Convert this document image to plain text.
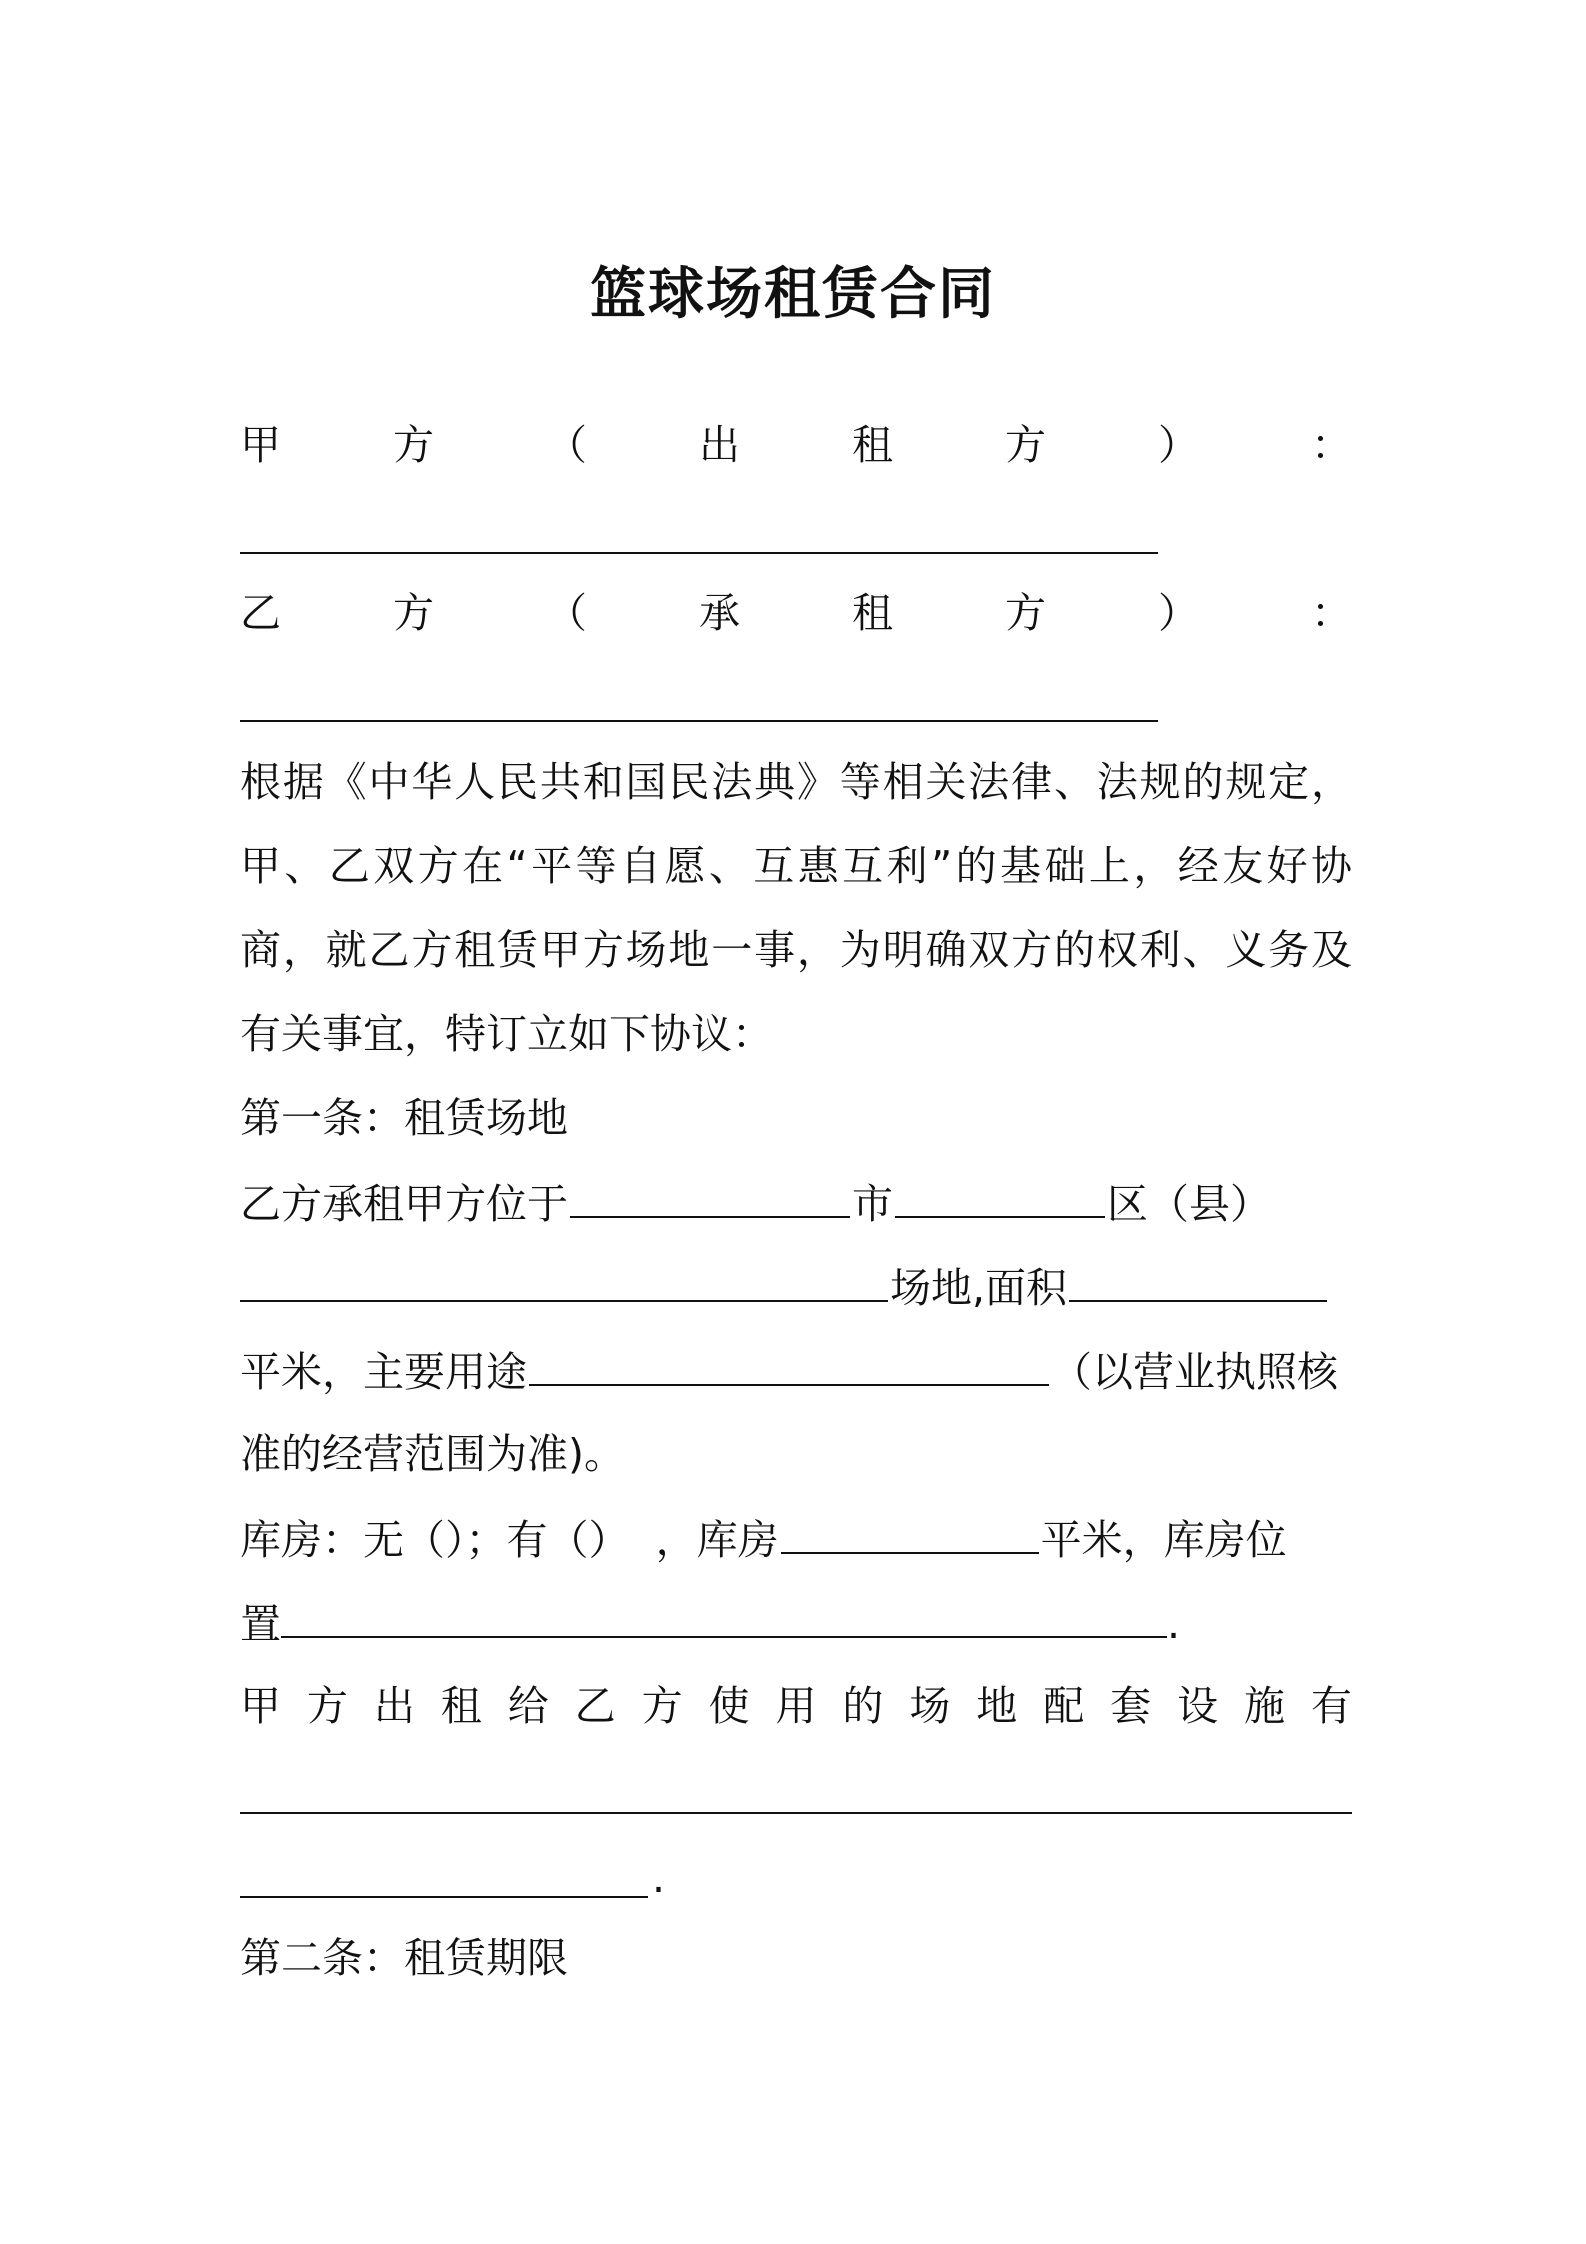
篮球场租赁合同
甲	方	（	出	租	方	）	：
乙	方	（	承	租	方	）	：
根据《中华人民共和国民法典》等相关法律、法规的规定，
甲、乙双方在“平等自愿、互惠互利”的基础上，经友好协
商，就乙方租赁甲方场地一事，为明确双方的权利、义务及
有关事宜，特订立如下协议：
第一条：租赁场地
乙方承租甲方位于	市	区（县）
场地,面积
平米，主要用途	（以营业执照核
准的经营范围为准)。
库房：无（）；有（）  ，库房	平米，库房位
置	.
甲方出租给乙方使用的场地配套设施有
.
第二条：租赁期限
